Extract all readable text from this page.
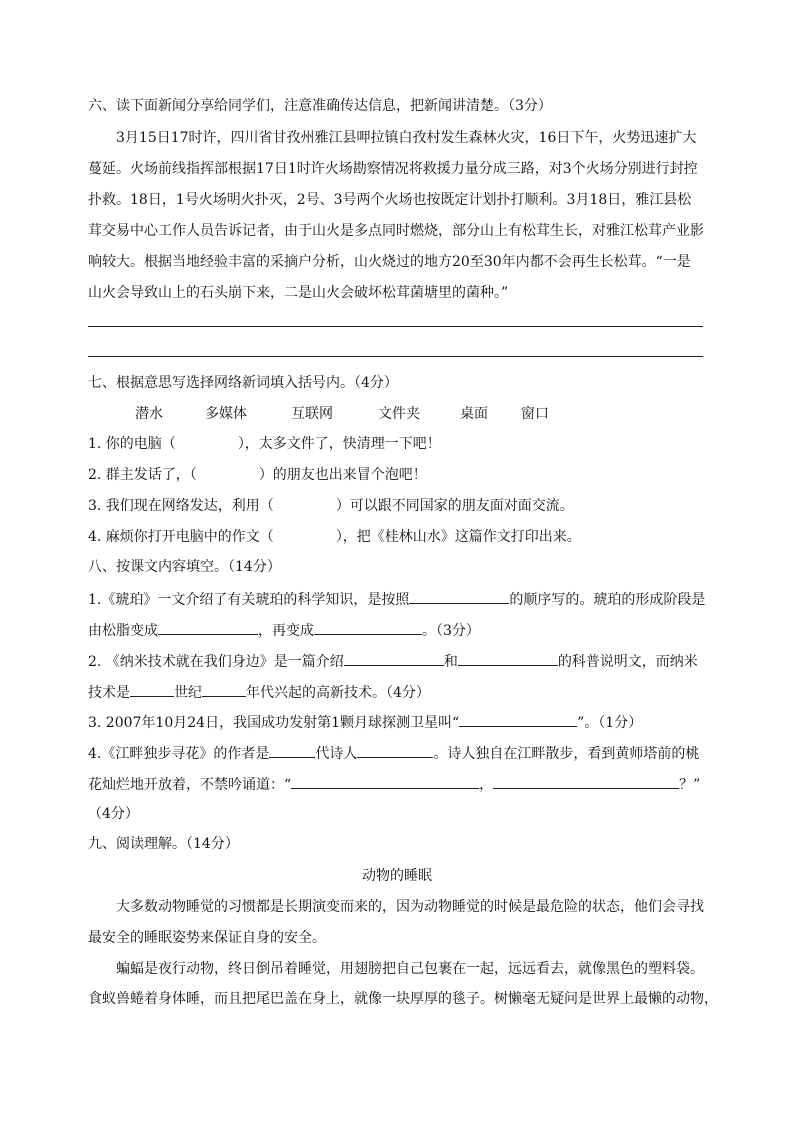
六、读下面新闻分享给同学们，注意准确传达信息，把新闻讲清楚。（3分）
3月15日17时许，四川省甘孜州雅江县呷拉镇白孜村发生森林火灾，16日下午，火势迅速扩大
蔓延。火场前线指挥部根据17日1时许火场勘察情况将救援力量分成三路，对3个火场分别进行封控
扑救。18日，1号火场明火扑灭，2号、3号两个火场也按既定计划扑打顺利。3月18日，雅江县松
茸交易中心工作人员告诉记者，由于山火是多点同时燃烧，部分山上有松茸生长，对雅江松茸产业影
响较大。根据当地经验丰富的采摘户分析，山火烧过的地方20至30年内都不会再生长松茸。“一是
山火会导致山上的石头崩下来，二是山火会破坏松茸菌塘里的菌种。”
七、根据意思写选择网络新词填入括号内。（4分）
潜水	多媒体	互联网	文件夹	桌面 窗口
1. 你的电脑（	），太多文件了，快清理一下吧！
2. 群主发话了，（	）的朋友也出来冒个泡吧！
3. 我们现在网络发达，利用（	）可以跟不同国家的朋友面对面交流。
4. 麻烦你打开电脑中的作文（	），把《桂林山水》这篇作文打印出来。
八、按课文内容填空。（14分）
1.《琥珀》一文介绍了有关琥珀的科学知识，是按照	的顺序写的。琥珀的形成阶段是
由松脂变成	，再变成	。（3分）
2. 《纳米技术就在我们身边》是一篇介绍	和	的科普说明文，而纳米
技术是	世纪	年代兴起的高新技术。（4分）
3. 2007年10月24日，我国成功发射第1颗月球探测卫星叫“	”。（1分）
4.《江畔独步寻花》的作者是	代诗人	。诗人独自在江畔散步，看到黄师塔前的桃
花灿烂地开放着，不禁吟诵道：“	，	？”
（4分）
九、阅读理解。（14分）
动物的睡眠
大多数动物睡觉的习惯都是长期演变而来的，因为动物睡觉的时候是最危险的状态，他们会寻找
最安全的睡眠姿势来保证自身的安全。
蝙蝠是夜行动物，终日倒吊着睡觉，用翅膀把自己包裹在一起，远远看去，就像黑色的塑料袋。
食蚁兽蜷着身体睡，而且把尾巴盖在身上，就像一块厚厚的毯子。树懒毫无疑问是世界上最懒的动物，
